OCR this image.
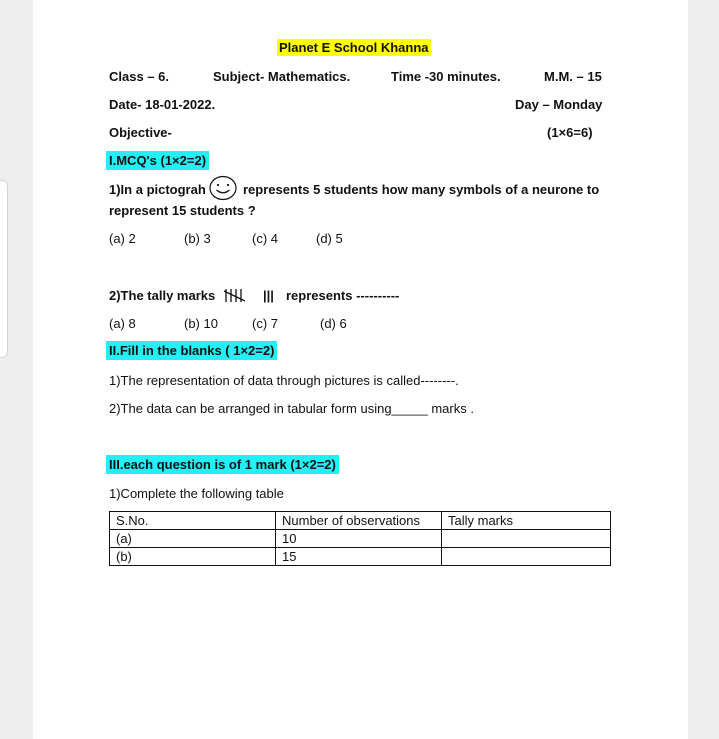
Planet E School Khanna
Class – 6.	Subject- Mathematics.	Time -30 minutes.	M.M. – 15
Date- 18-01-2022.	Day – Monday
Objective-	(1×6=6)
I.MCQ's (1×2=2)
1)In a pictograh	represents 5 students how many symbols of a neurone to
represent 15 students ?
(a) 2	(b) 3	(c) 4	(d) 5
2)The tally marks	||| represents ----------
(a) 8	(b) 10	(c) 7	(d) 6
II.Fill in the blanks ( 1×2=2)
1)The representation of data through pictures is called--------.
2)The data can be arranged in tabular form using_____ marks .
III.each question is of 1 mark (1×2=2)
1)Complete the following table
S.No.	Number of observations	Tally marks
(a)	10	
(b)	15	
